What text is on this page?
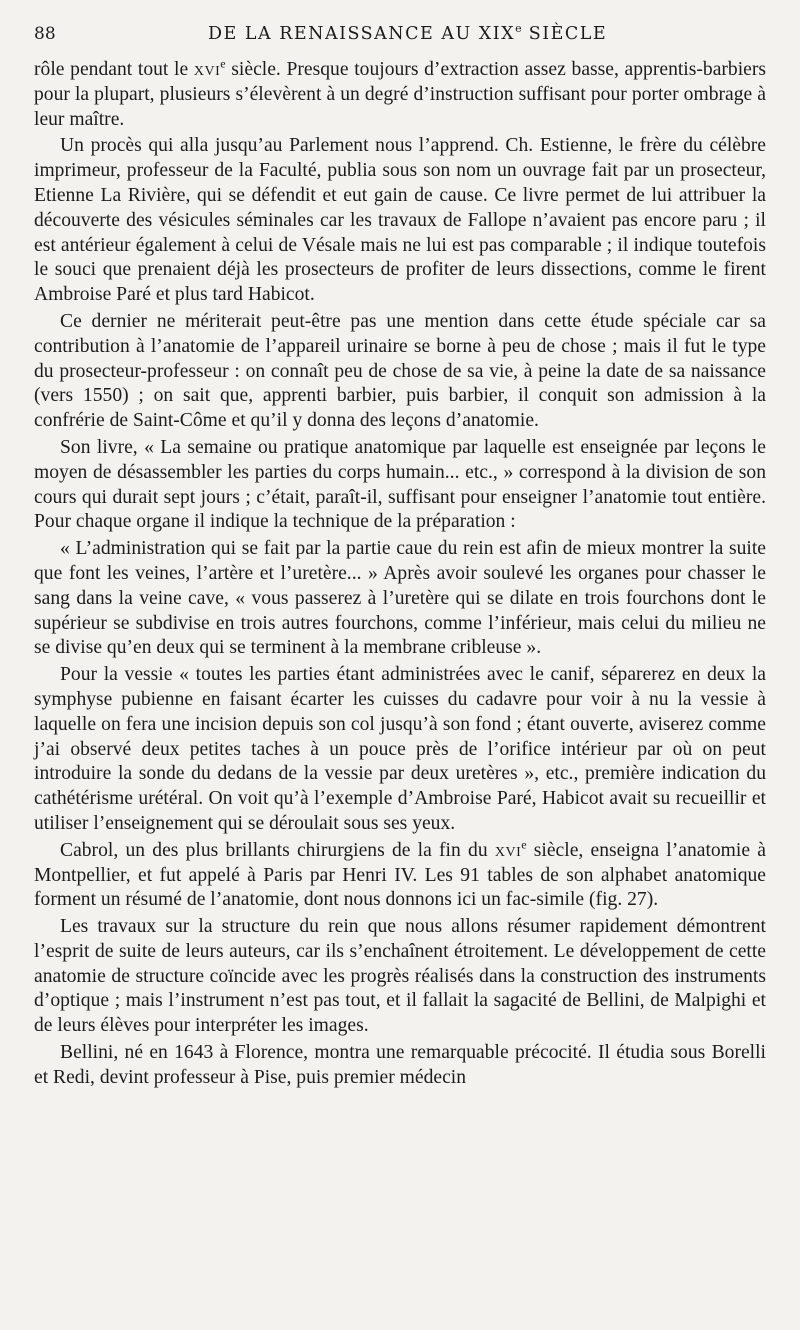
88	DE LA RENAISSANCE AU XIXe SIÈCLE

rôle pendant tout le xvi$^e$ siècle. Presque toujours d’extraction assez basse, apprentis-barbiers pour la plupart, plusieurs s’élevèrent à un degré d’instruction suffisant pour porter ombrage à leur maître.

Un procès qui alla jusqu’au Parlement nous l’apprend. Ch. Estienne, le frère du célèbre imprimeur, professeur de la Faculté, publia sous son nom un ouvrage fait par un prosecteur, Etienne La Rivière, qui se défendit et eut gain de cause. Ce livre permet de lui attribuer la découverte des vésicules séminales car les travaux de Fallope n’avaient pas encore paru ; il est antérieur également à celui de Vésale mais ne lui est pas comparable ; il indique toutefois le souci que prenaient déjà les prosecteurs de profiter de leurs dissections, comme le firent Ambroise Paré et plus tard Habicot.

Ce dernier ne mériterait peut-être pas une mention dans cette étude spéciale car sa contribution à l’anatomie de l’appareil urinaire se borne à peu de chose ; mais il fut le type du prosecteur-professeur : on connaît peu de chose de sa vie, à peine la date de sa naissance (vers 1550) ; on sait que, apprenti barbier, puis barbier, il conquit son admission à la confrérie de Saint-Côme et qu’il y donna des leçons d’anatomie.

Son livre, « La semaine ou pratique anatomique par laquelle est enseignée par leçons le moyen de désassembler les parties du corps humain... etc., » correspond à la division de son cours qui durait sept jours ; c’était, paraît-il, suffisant pour enseigner l’anatomie tout entière. Pour chaque organe il indique la technique de la préparation :

« L’administration qui se fait par la partie caue du rein est afin de mieux montrer la suite que font les veines, l’artère et l’uretère... » Après avoir soulevé les organes pour chasser le sang dans la veine cave, « vous passerez à l’uretère qui se dilate en trois fourchons dont le supérieur se subdivise en trois autres fourchons, comme l’inférieur, mais celui du milieu ne se divise qu’en deux qui se terminent à la membrane cribleuse ».

Pour la vessie « toutes les parties étant administrées avec le canif, séparerez en deux la symphyse pubienne en faisant écarter les cuisses du cadavre pour voir à nu la vessie à laquelle on fera une incision depuis son col jusqu’à son fond ; étant ouverte, aviserez comme j’ai observé deux petites taches à un pouce près de l’orifice intérieur par où on peut introduire la sonde du dedans de la vessie par deux uretères », etc., première indication du cathétérisme urétéral. On voit qu’à l’exemple d’Ambroise Paré, Habicot avait su recueillir et utiliser l’enseignement qui se déroulait sous ses yeux.

Cabrol, un des plus brillants chirurgiens de la fin du xvi$^e$ siècle, enseigna l’anatomie à Montpellier, et fut appelé à Paris par Henri IV. Les 91 tables de son alphabet anatomique forment un résumé de l’anatomie, dont nous donnons ici un fac-simile (fig. 27).

Les travaux sur la structure du rein que nous allons résumer rapidement démontrent l’esprit de suite de leurs auteurs, car ils s’enchaînent étroitement. Le développement de cette anatomie de structure coïncide avec les progrès réalisés dans la construction des instruments d’optique ; mais l’instrument n’est pas tout, et il fallait la sagacité de Bellini, de Malpighi et de leurs élèves pour interpréter les images.

Bellini, né en 1643 à Florence, montra une remarquable précocité. Il étudia sous Borelli et Redi, devint professeur à Pise, puis premier médecin
